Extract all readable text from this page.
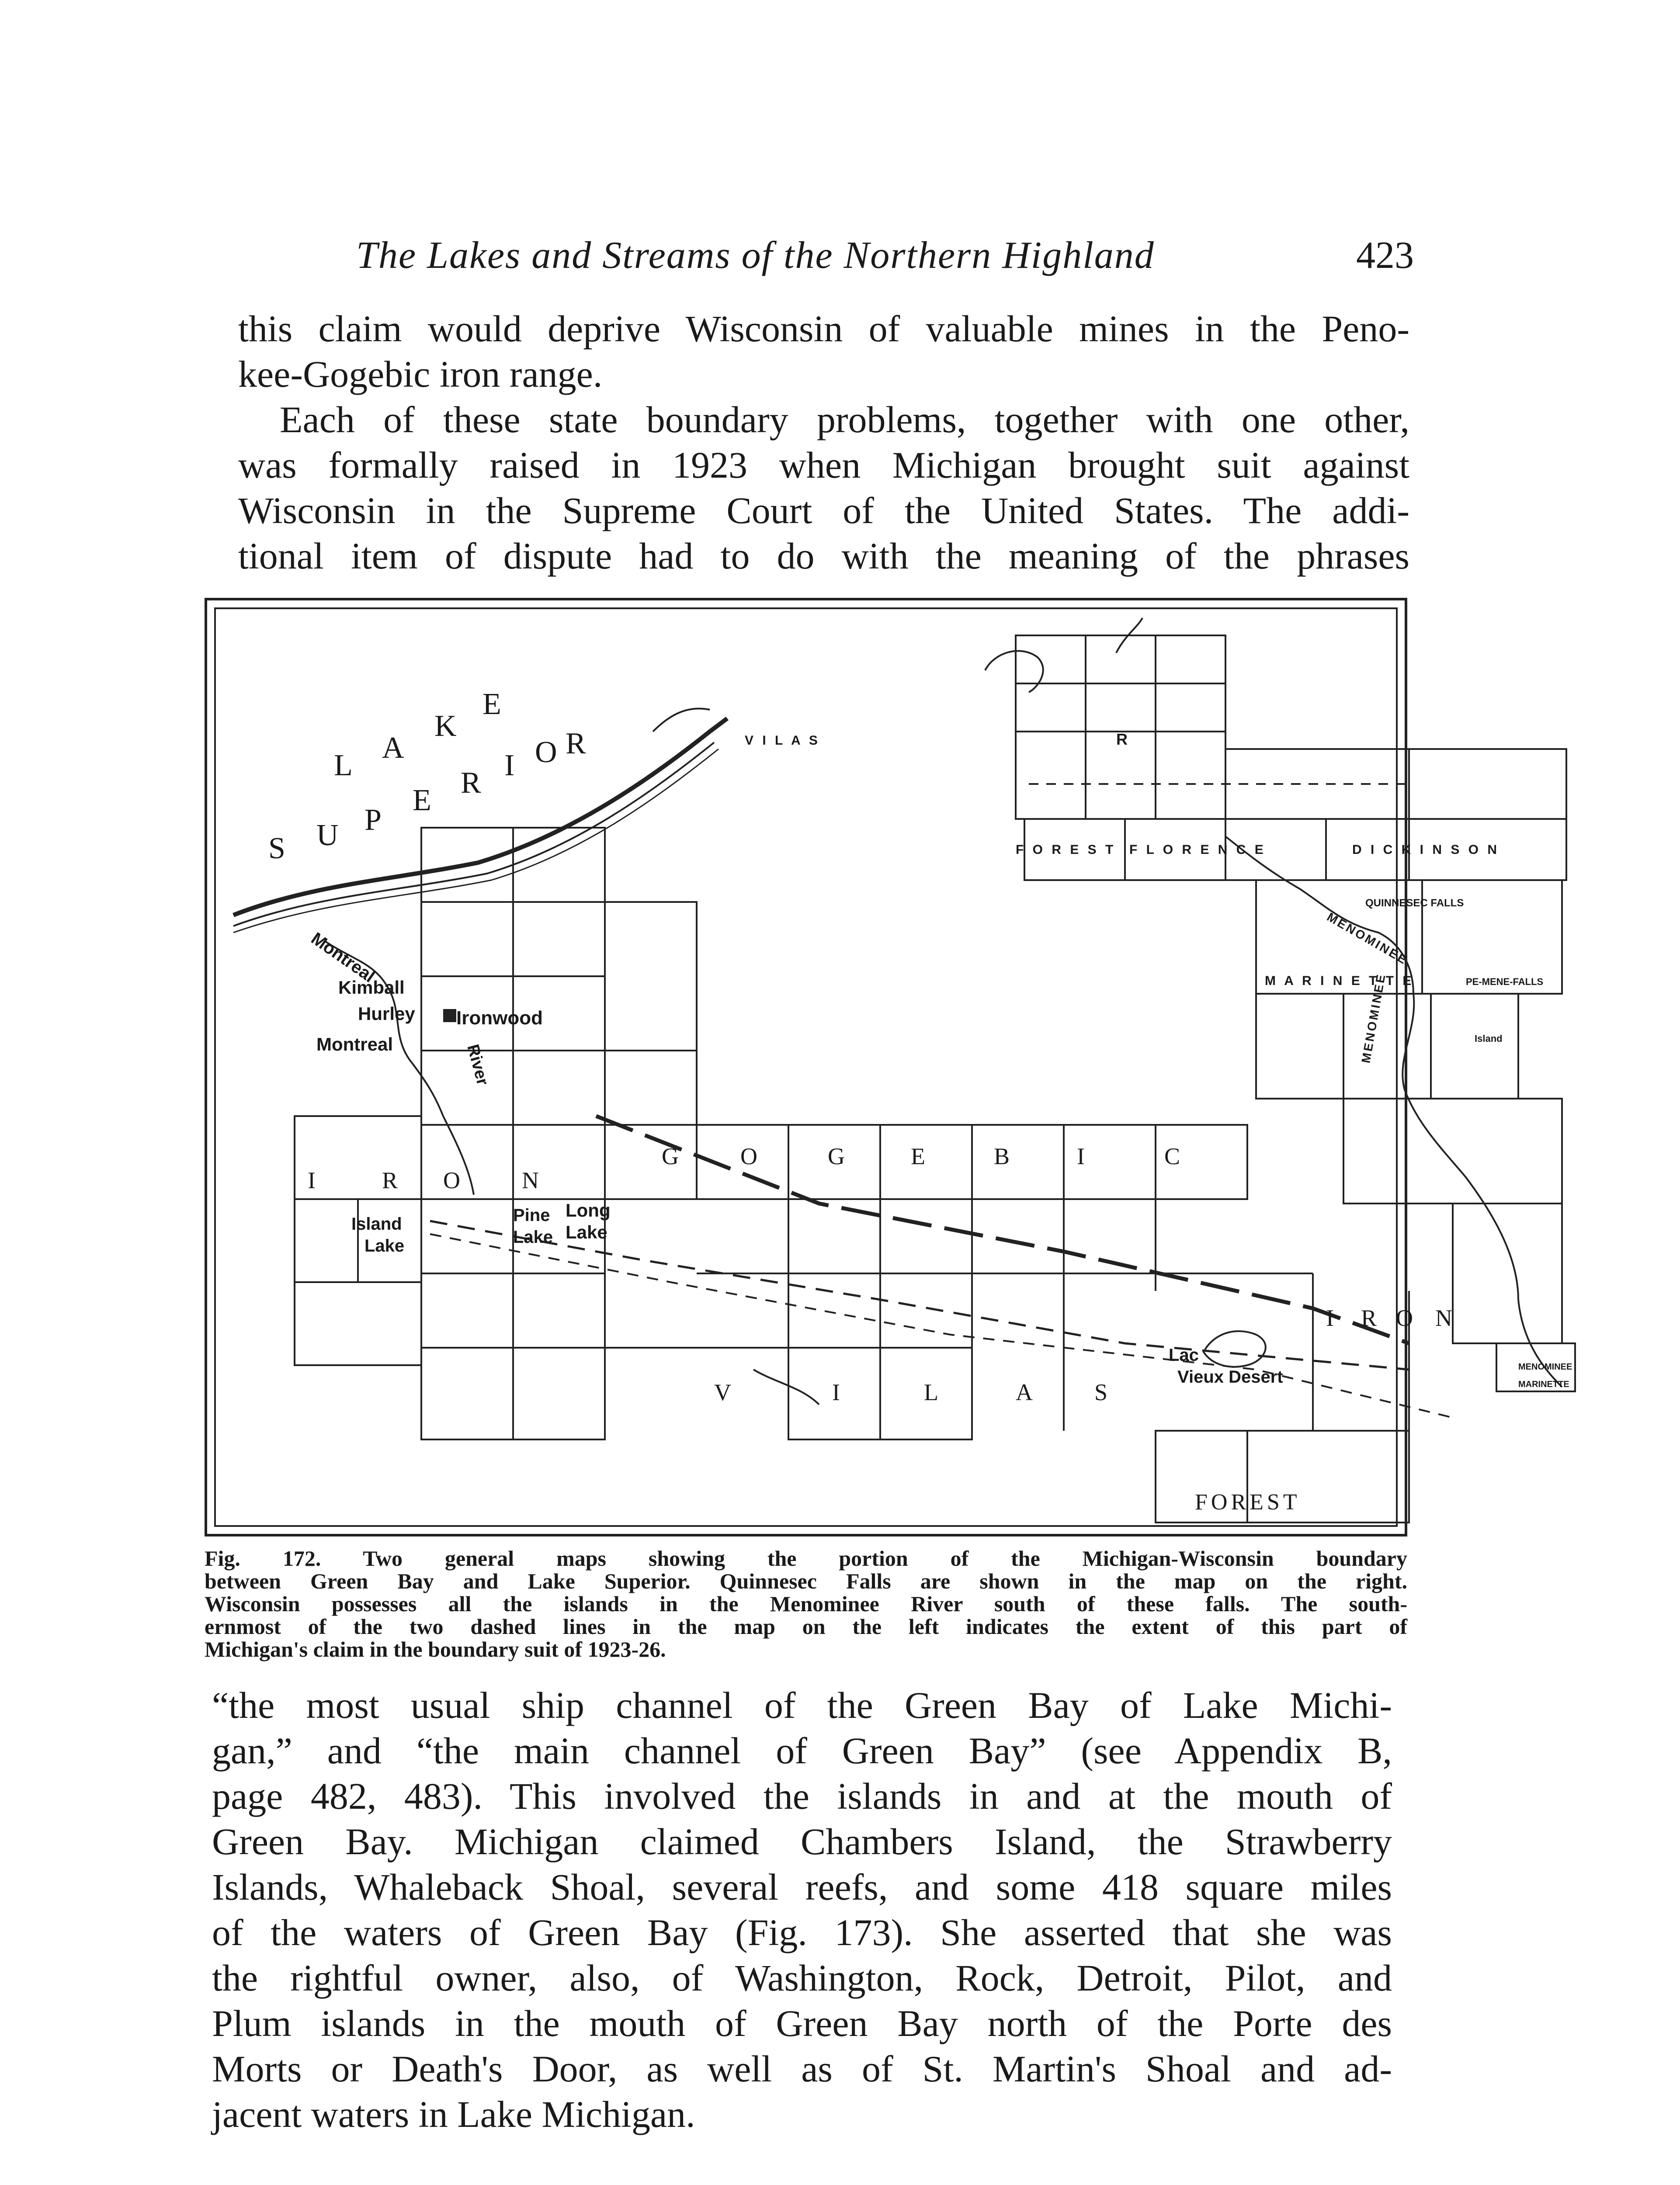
The Lakes and Streams of the Northern Highland	423

this claim would deprive Wisconsin of valuable mines in the Peno-
kee-Gogebic iron range.
Each of these state boundary problems, together with one other,
was formally raised in 1923 when Michigan brought suit against
Wisconsin in the Supreme Court of the United States. The addi-
tional item of dispute had to do with the meaning of the phrases

L
A
K
E
S U P
E
R
I O R
Montreal
River
Kimball
Hurley Ironwood
Montreal
Island
Lake
Pine
Lake
Long
Lake
Lac
Vieux Desert
I	R O	N
G	O	G	E	B	I	C
V	I	L	A	S
I R O N
FOREST
V I L A S
F O R E S T F L O R E N C E	D I C K I N S O N
R
QUINNESEC FALLS
MENOMINEE
M A R I N E T T E	PE-MENE-FALLS
MENOMINEE	Island
MENOMINEE
MARINETTE

Fig. 172. Two general maps showing the portion of the Michigan-Wisconsin boundary
between Green Bay and Lake Superior. Quinnesec Falls are shown in the map on the right.
Wisconsin possesses all the islands in the Menominee River south of these falls. The south-
ernmost of the two dashed lines in the map on the left indicates the extent of this part of
Michigan's claim in the boundary suit of 1923-26.

“the most usual ship channel of the Green Bay of Lake Michi-
gan,” and “the main channel of Green Bay” (see Appendix B,
page 482, 483). This involved the islands in and at the mouth of
Green Bay. Michigan claimed Chambers Island, the Strawberry
Islands, Whaleback Shoal, several reefs, and some 418 square miles
of the waters of Green Bay (Fig. 173). She asserted that she was
the rightful owner, also, of Washington, Rock, Detroit, Pilot, and
Plum islands in the mouth of Green Bay north of the Porte des
Morts or Death's Door, as well as of St. Martin's Shoal and ad-
jacent waters in Lake Michigan.
